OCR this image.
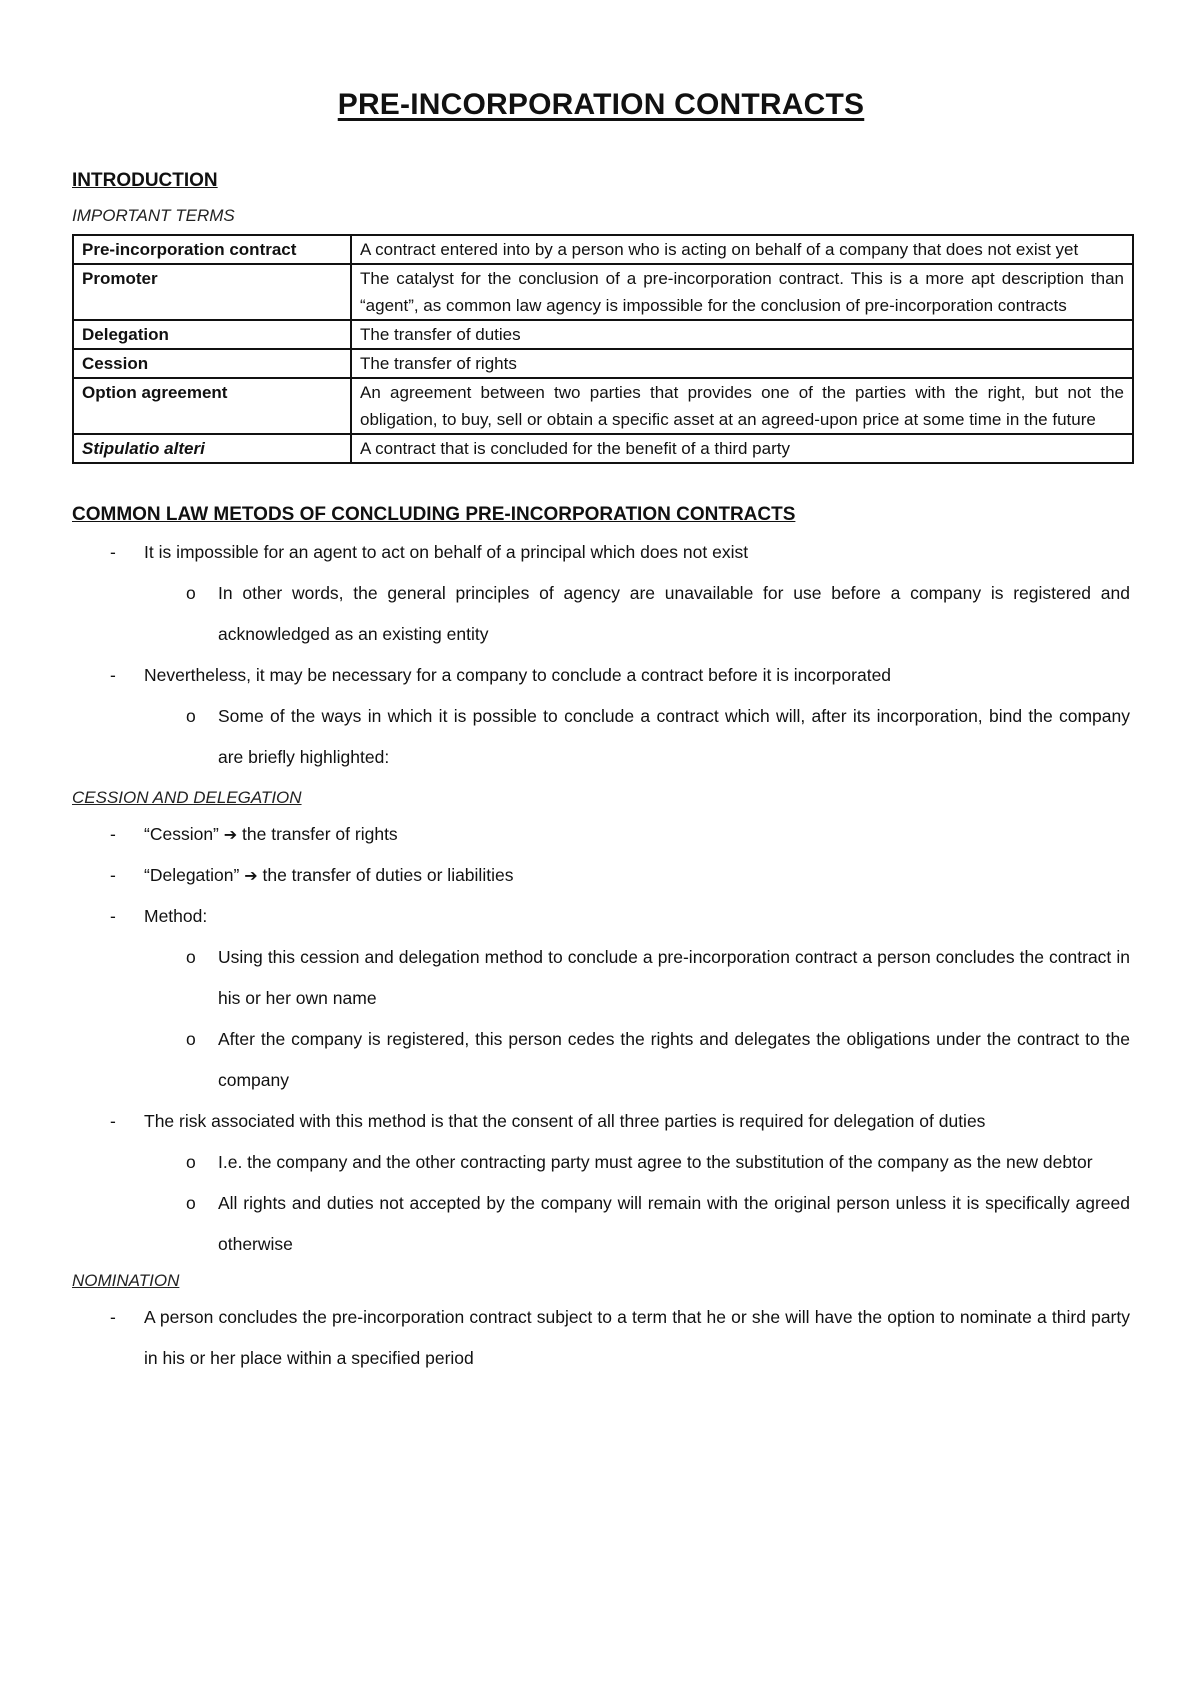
PRE-INCORPORATION CONTRACTS
INTRODUCTION
IMPORTANT TERMS
Pre-incorporation contract	A contract entered into by a person who is acting on behalf of a company that does not exist yet
Promoter	The catalyst for the conclusion of a pre-incorporation contract. This is a more apt description than “agent”, as common law agency is impossible for the conclusion of pre-incorporation contracts
Delegation	The transfer of duties
Cession	The transfer of rights
Option agreement	An agreement between two parties that provides one of the parties with the right, but not the obligation, to buy, sell or obtain a specific asset at an agreed-upon price at some time in the future
Stipulatio alteri	A contract that is concluded for the benefit of a third party
COMMON LAW METODS OF CONCLUDING PRE-INCORPORATION CONTRACTS
- It is impossible for an agent to act on behalf of a principal which does not exist
o In other words, the general principles of agency are unavailable for use before a company is registered and acknowledged as an existing entity
- Nevertheless, it may be necessary for a company to conclude a contract before it is incorporated
o Some of the ways in which it is possible to conclude a contract which will, after its incorporation, bind the company are briefly highlighted:
CESSION AND DELEGATION
- “Cession” ➔ the transfer of rights
- “Delegation” ➔ the transfer of duties or liabilities
- Method:
o Using this cession and delegation method to conclude a pre-incorporation contract a person concludes the contract in his or her own name
o After the company is registered, this person cedes the rights and delegates the obligations under the contract to the company
- The risk associated with this method is that the consent of all three parties is required for delegation of duties
o I.e. the company and the other contracting party must agree to the substitution of the company as the new debtor
o All rights and duties not accepted by the company will remain with the original person unless it is specifically agreed otherwise
NOMINATION
- A person concludes the pre-incorporation contract subject to a term that he or she will have the option to nominate a third party in his or her place within a specified period
